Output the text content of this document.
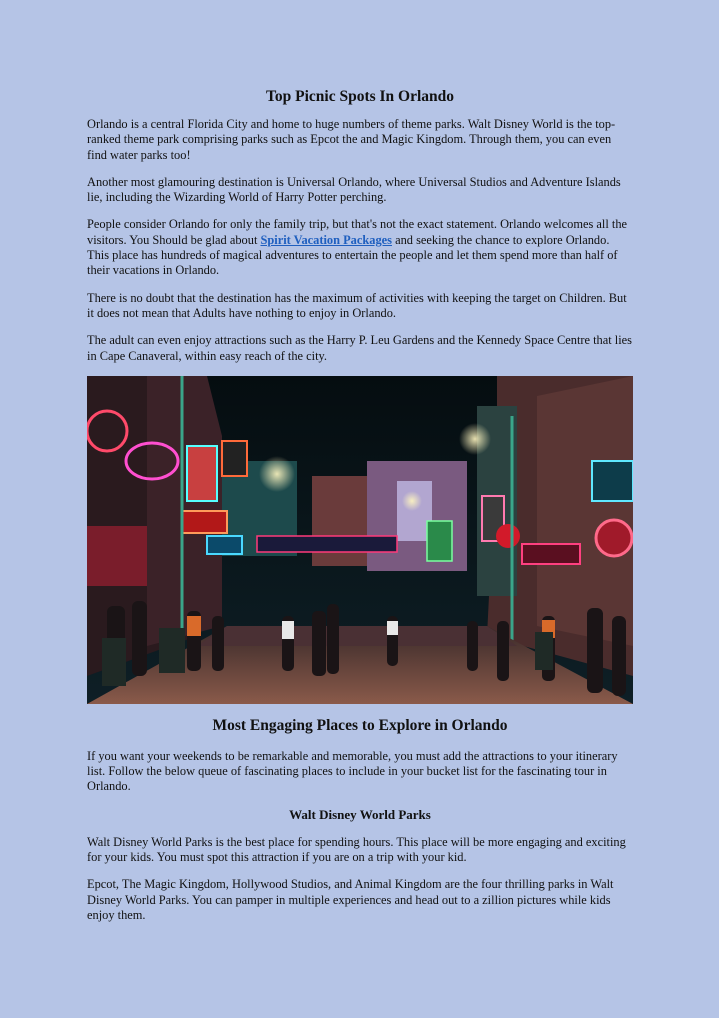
Top Picnic Spots In Orlando

Orlando is a central Florida City and home to huge numbers of theme parks. Walt Disney World is the top-ranked theme park comprising parks such as Epcot the and Magic Kingdom. Through them, you can even find water parks too!

Another most glamouring destination is Universal Orlando, where Universal Studios and Adventure Islands lie, including the Wizarding World of Harry Potter perching.

People consider Orlando for only the family trip, but that's not the exact statement. Orlando welcomes all the visitors. You Should be glad about Spirit Vacation Packages and seeking the chance to explore Orlando. This place has hundreds of magical adventures to entertain the people and let them spend more than half of their vacations in Orlando.

There is no doubt that the destination has the maximum of activities with keeping the target on Children. But it does not mean that Adults have nothing to enjoy in Orlando.

The adult can even enjoy attractions such as the Harry P. Leu Gardens and the Kennedy Space Centre that lies in Cape Canaveral, within easy reach of the city.

Most Engaging Places to Explore in Orlando

If you want your weekends to be remarkable and memorable, you must add the attractions to your itinerary list. Follow the below queue of fascinating places to include in your bucket list for the fascinating tour in Orlando.

Walt Disney World Parks

Walt Disney World Parks is the best place for spending hours. This place will be more engaging and exciting for your kids. You must spot this attraction if you are on a trip with your kid.

Epcot, The Magic Kingdom, Hollywood Studios, and Animal Kingdom are the four thrilling parks in Walt Disney World Parks. You can pamper in multiple experiences and head out to a zillion pictures while kids enjoy them.
